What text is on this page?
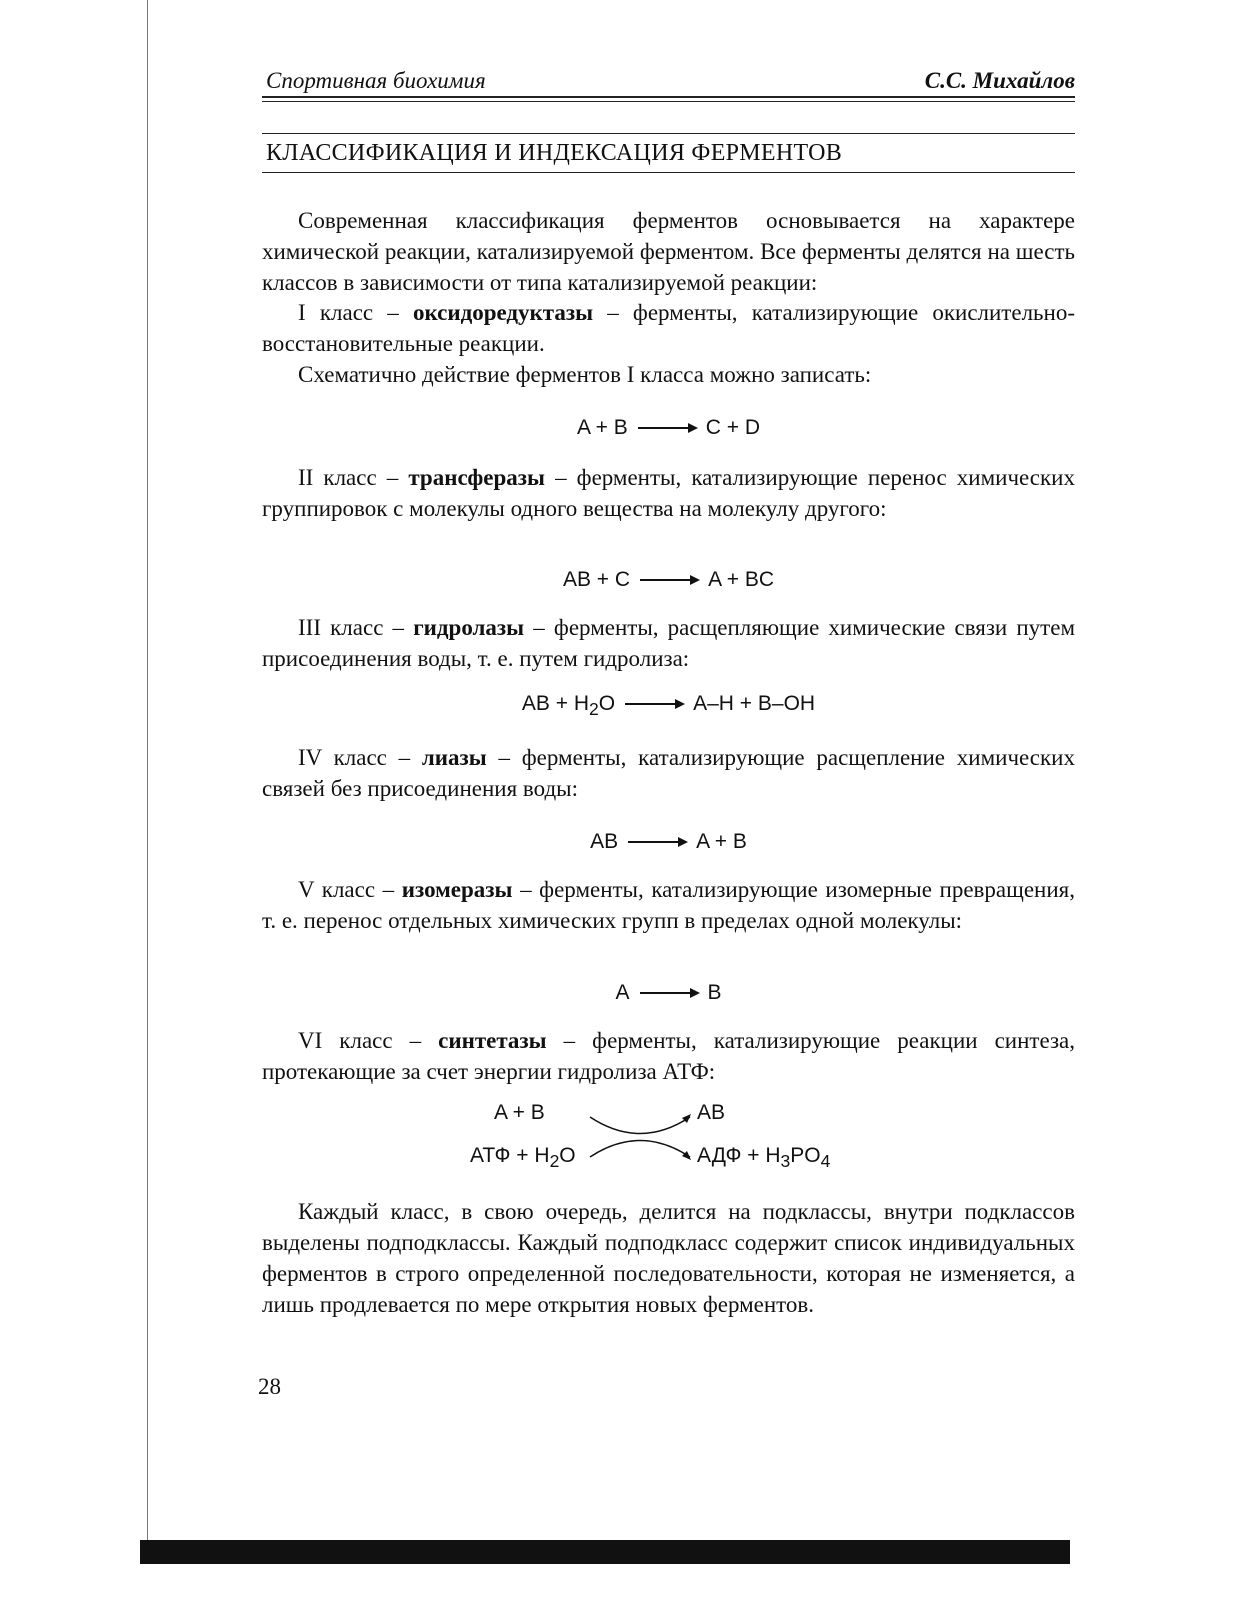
Спортивная биохимия	С.С. Михайлов
КЛАССИФИКАЦИЯ И ИНДЕКСАЦИЯ ФЕРМЕНТОВ
Современная классификация ферментов основывается на характере химической реакции, катализируемой ферментом. Все ферменты делятся на шесть классов в зависимости от типа катализируемой реакции:
I класс – оксидоредуктазы – ферменты, катализирующие окислительно-восстановительные реакции.
Схематично действие ферментов I класса можно записать:
A + B	C + D
II класс – трансферазы – ферменты, катализирующие перенос химических группировок с молекулы одного вещества на молекулу другого:
AB + C	A + BC
III класс – гидролазы – ферменты, расщепляющие химические связи путем присоединения воды, т. е. путем гидролиза:
AB + $H_2O$	A–H + B–OH
IV класс – лиазы – ферменты, катализирующие расщепление химических связей без присоединения воды:
AB	A + B
V класс – изомеразы – ферменты, катализирующие изомерные превращения, т. е. перенос отдельных химических групп в пределах одной молекулы:
A	B
VI класс – синтетазы – ферменты, катализирующие реакции синтеза, протекающие за счет энергии гидролиза АТФ:
A + B	AB
АТФ + $H_2O$	АДФ + $H_3PO_4$
Каждый класс, в свою очередь, делится на подклассы, внутри подклассов выделены подподклассы. Каждый подподкласс содержит список индивидуальных ферментов в строго определенной последовательности, которая не изменяется, а лишь продлевается по мере открытия новых ферментов.
28
